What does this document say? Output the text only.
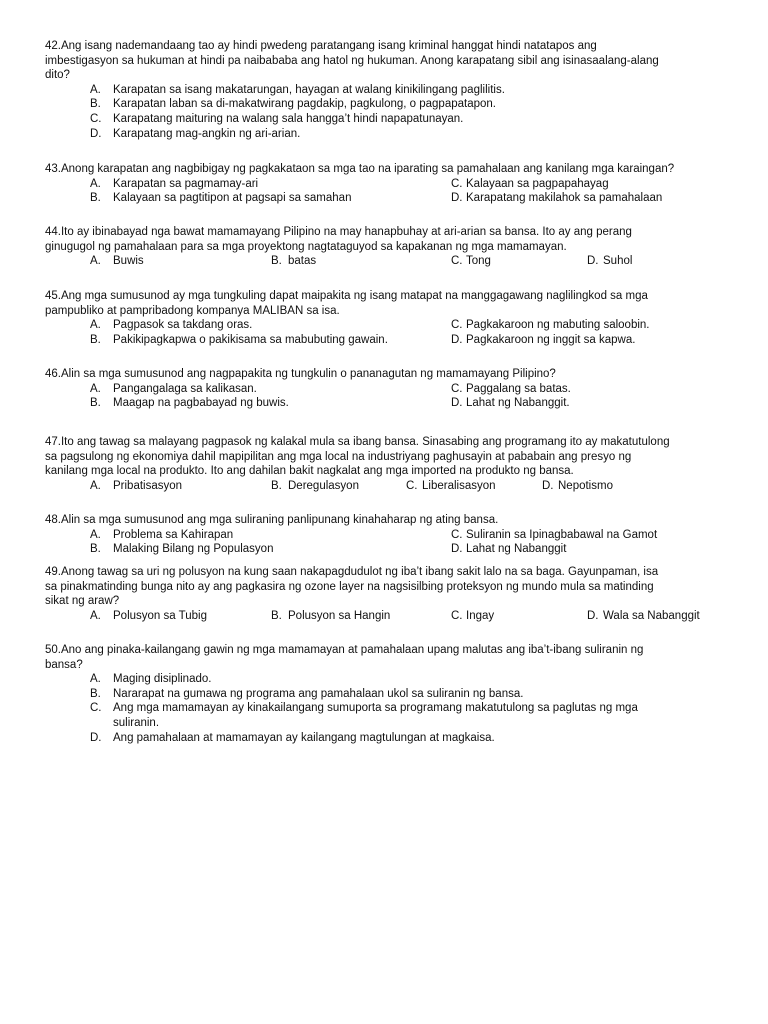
42.Ang isang nademandaang tao ay hindi pwedeng paratangang isang kriminal hanggat hindi natatapos ang
imbestigasyon sa hukuman at hindi pa naibababa ang hatol ng hukuman. Anong karapatang sibil ang isinasaalang-alang
dito?
A. Karapatan sa isang makatarungan, hayagan at walang kinikilingang paglilitis.
B. Karapatan laban sa di-makatwirang pagdakip, pagkulong, o pagpapatapon.
C. Karapatang maituring na walang sala hangga’t hindi napapatunayan.
D. Karapatang mag-angkin ng ari-arian.
43.Anong karapatan ang nagbibigay ng pagkakataon sa mga tao na iparating sa pamahalaan ang kanilang mga karaingan?
A. Karapatan sa pagmamay-ari	C. Kalayaan sa pagpapahayag
B. Kalayaan sa pagtitipon at pagsapi sa samahan	D. Karapatang makilahok sa pamahalaan
44.Ito ay ibinabayad nga bawat mamamayang Pilipino na may hanapbuhay at ari-arian sa bansa. Ito ay ang perang
ginugugol ng pamahalaan para sa mga proyektong nagtataguyod sa kapakanan ng mga mamamayan.
A. Buwis	B. batas	C. Tong	D. Suhol
45.Ang mga sumusunod ay mga tungkuling dapat maipakita ng isang matapat na manggagawang naglilingkod sa mga
pampubliko at pampribadong kompanya MALIBAN sa isa.
A. Pagpasok sa takdang oras.	C. Pagkakaroon ng mabuting saloobin.
B. Pakikipagkapwa o pakikisama sa mabubuting gawain.	D. Pagkakaroon ng inggit sa kapwa.
46.Alin sa mga sumusunod ang nagpapakita ng tungkulin o pananagutan ng mamamayang Pilipino?
A. Pangangalaga sa kalikasan.	C. Paggalang sa batas.
B. Maagap na pagbabayad ng buwis.	D. Lahat ng Nabanggit.
47.Ito ang tawag sa malayang pagpasok ng kalakal mula sa ibang bansa. Sinasabing ang programang ito ay makatutulong
sa pagsulong ng ekonomiya dahil mapipilitan ang mga local na industriyang paghusayin at pababain ang presyo ng
kanilang mga local na produkto. Ito ang dahilan bakit nagkalat ang mga imported na produkto ng bansa.
A. Pribatisasyon	B. Deregulasyon	C. Liberalisasyon	D. Nepotismo
48.Alin sa mga sumusunod ang mga suliraning panlipunang kinahaharap ng ating bansa.
A. Problema sa Kahirapan	C. Suliranin sa Ipinagbabawal na Gamot
B. Malaking Bilang ng Populasyon	D. Lahat ng Nabanggit
49.Anong tawag sa uri ng polusyon na kung saan nakapagdudulot ng iba’t ibang sakit lalo na sa baga. Gayunpaman, isa
sa pinakmatinding bunga nito ay ang pagkasira ng ozone layer na nagsisilbing proteksyon ng mundo mula sa matinding
sikat ng araw?
A. Polusyon sa Tubig	B. Polusyon sa Hangin	C. Ingay	D. Wala sa Nabanggit
50.Ano ang pinaka-kailangang gawin ng mga mamamayan at pamahalaan upang malutas ang iba’t-ibang suliranin ng
bansa?
A. Maging disiplinado.
B. Nararapat na gumawa ng programa ang pamahalaan ukol sa suliranin ng bansa.
C. Ang mga mamamayan ay kinakailangang sumuporta sa programang makatutulong sa paglutas ng mga
suliranin.
D. Ang pamahalaan at mamamayan ay kailangang magtulungan at magkaisa.
